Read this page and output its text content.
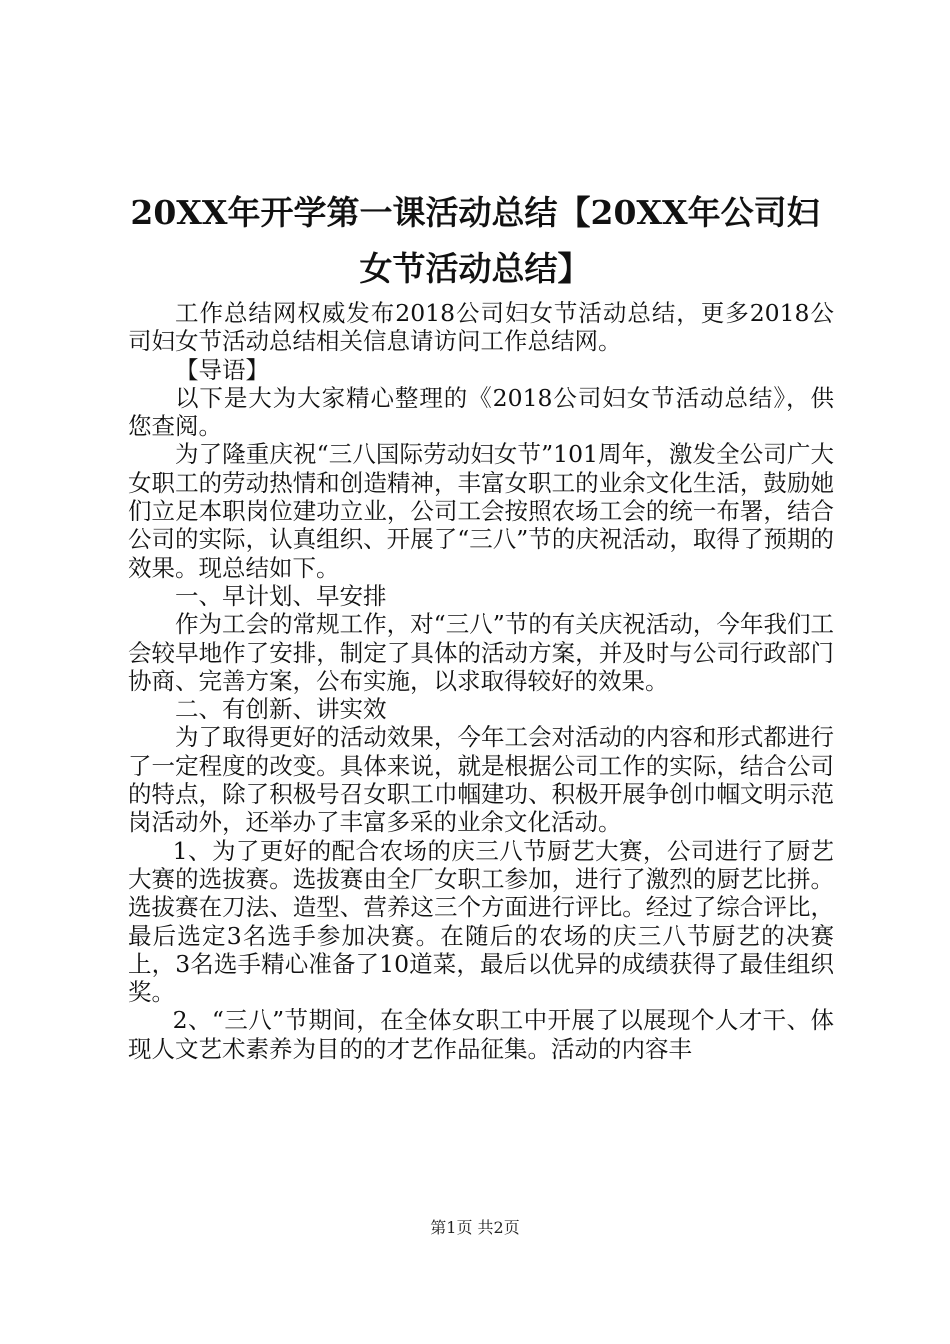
20XX年开学第一课活动总结【20XX年公司妇女节活动总结】

工作总结网权威发布2018公司妇女节活动总结，更多2018公司妇女节活动总结相关信息请访问工作总结网。

【导语】

以下是大为大家精心整理的《2018公司妇女节活动总结》，供您查阅。

为了隆重庆祝“三八国际劳动妇女节”101周年，激发全公司广大女职工的劳动热情和创造精神，丰富女职工的业余文化生活，鼓励她们立足本职岗位建功立业，公司工会按照农场工会的统一布署，结合公司的实际，认真组织、开展了“三八”节的庆祝活动，取得了预期的效果。现总结如下。

一、早计划、早安排

作为工会的常规工作，对“三八”节的有关庆祝活动，今年我们工会较早地作了安排，制定了具体的活动方案，并及时与公司行政部门协商、完善方案，公布实施，以求取得较好的效果。

二、有创新、讲实效

为了取得更好的活动效果，今年工会对活动的内容和形式都进行了一定程度的改变。具体来说，就是根据公司工作的实际，结合公司的特点，除了积极号召女职工巾帼建功、积极开展争创巾帼文明示范岗活动外，还举办了丰富多采的业余文化活动。

1、为了更好的配合农场的庆三八节厨艺大赛，公司进行了厨艺大赛的选拔赛。选拔赛由全厂女职工参加，进行了激烈的厨艺比拼。选拔赛在刀法、造型、营养这三个方面进行评比。经过了综合评比，最后选定3名选手参加决赛。在随后的农场的庆三八节厨艺的决赛上，3名选手精心准备了10道菜，最后以优异的成绩获得了最佳组织奖。

2、“三八”节期间，在全体女职工中开展了以展现个人才干、体现人文艺术素养为目的的才艺作品征集。活动的内容丰

第1页 共2页
